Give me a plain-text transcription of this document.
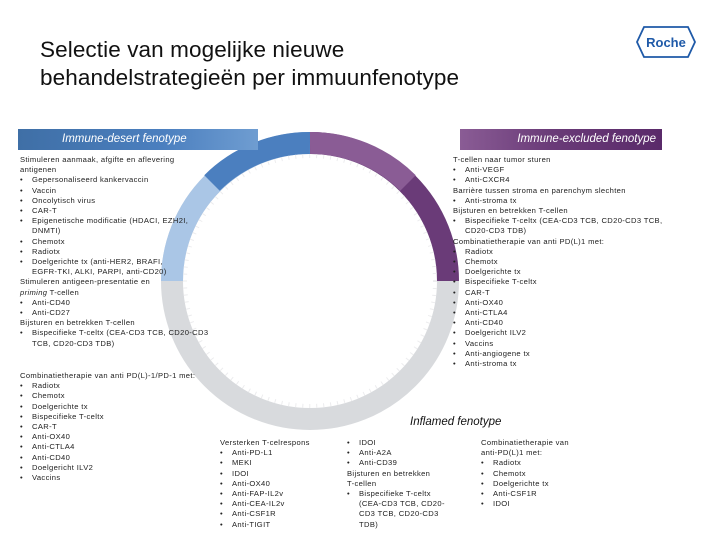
Selectie van mogelijke nieuwe
behandelstrategieën per immuunfenotype
Roche
Immune-desert fenotype	Immune-excluded fenotype
Stimuleren aanmaak, afgifte en aflevering
antigenen
• Gepersonaliseerd kankervaccin
• Vaccin
• Oncolytisch virus
• CAR-T
• Epigenetische modificatie (HDACI, EZH2I,
DNMTI)
• Chemotx
• Radiotx
• Doelgerichte tx (anti-HER2, BRAFI,
EGFR-TKI, ALKI, PARPI, anti-CD20)
Stimuleren antigeen-presentatie en
priming T-cellen
• Anti-CD40
• Anti-CD27
Bijsturen en betrekken T-cellen
• Bispecifieke T-celtx (CEA-CD3 TCB, CD20-CD3
TCB, CD20-CD3 TDB)
Combinatietherapie van anti PD(L)-1/PD-1 met:
• Radiotx
• Chemotx
• Doelgerichte tx
• Bispecifieke T-celtx
• CAR-T
• Anti-OX40
• Anti-CTLA4
• Anti-CD40
• Doelgericht ILV2
• Vaccins
T-cellen naar tumor sturen
• Anti-VEGF
• Anti-CXCR4
Barrière tussen stroma en parenchym slechten
• Anti-stroma tx
Bijsturen en betrekken T-cellen
• Bispecifieke T-celtx (CEA-CD3 TCB, CD20-CD3 TCB,
CD20-CD3 TDB)
Combinatietherapie van anti PD(L)1 met:
• Radiotx
• Chemotx
• Doelgerichte tx
• Bispecifieke T-celtx
• CAR-T
• Anti-OX40
• Anti-CTLA4
• Anti-CD40
• Doelgericht ILV2
• Vaccins
• Anti-angiogene tx
• Anti-stroma tx
Inflamed fenotype
Versterken T-celrespons
• Anti-PD-L1
• MEKI
• IDOI
• Anti-OX40
• Anti-FAP-IL2v
• Anti-CEA-IL2v
• Anti-CSF1R
• Anti-TIGIT
• IDOI
• Anti-A2A
• Anti-CD39
Bijsturen en betrekken
T-cellen
• Bispecifieke T-celtx
(CEA-CD3 TCB, CD20-
CD3 TCB, CD20-CD3
TDB)
Combinatietherapie van
anti-PD(L)1 met:
• Radiotx
• Chemotx
• Doelgerichte tx
• Anti-CSF1R
• IDOI
